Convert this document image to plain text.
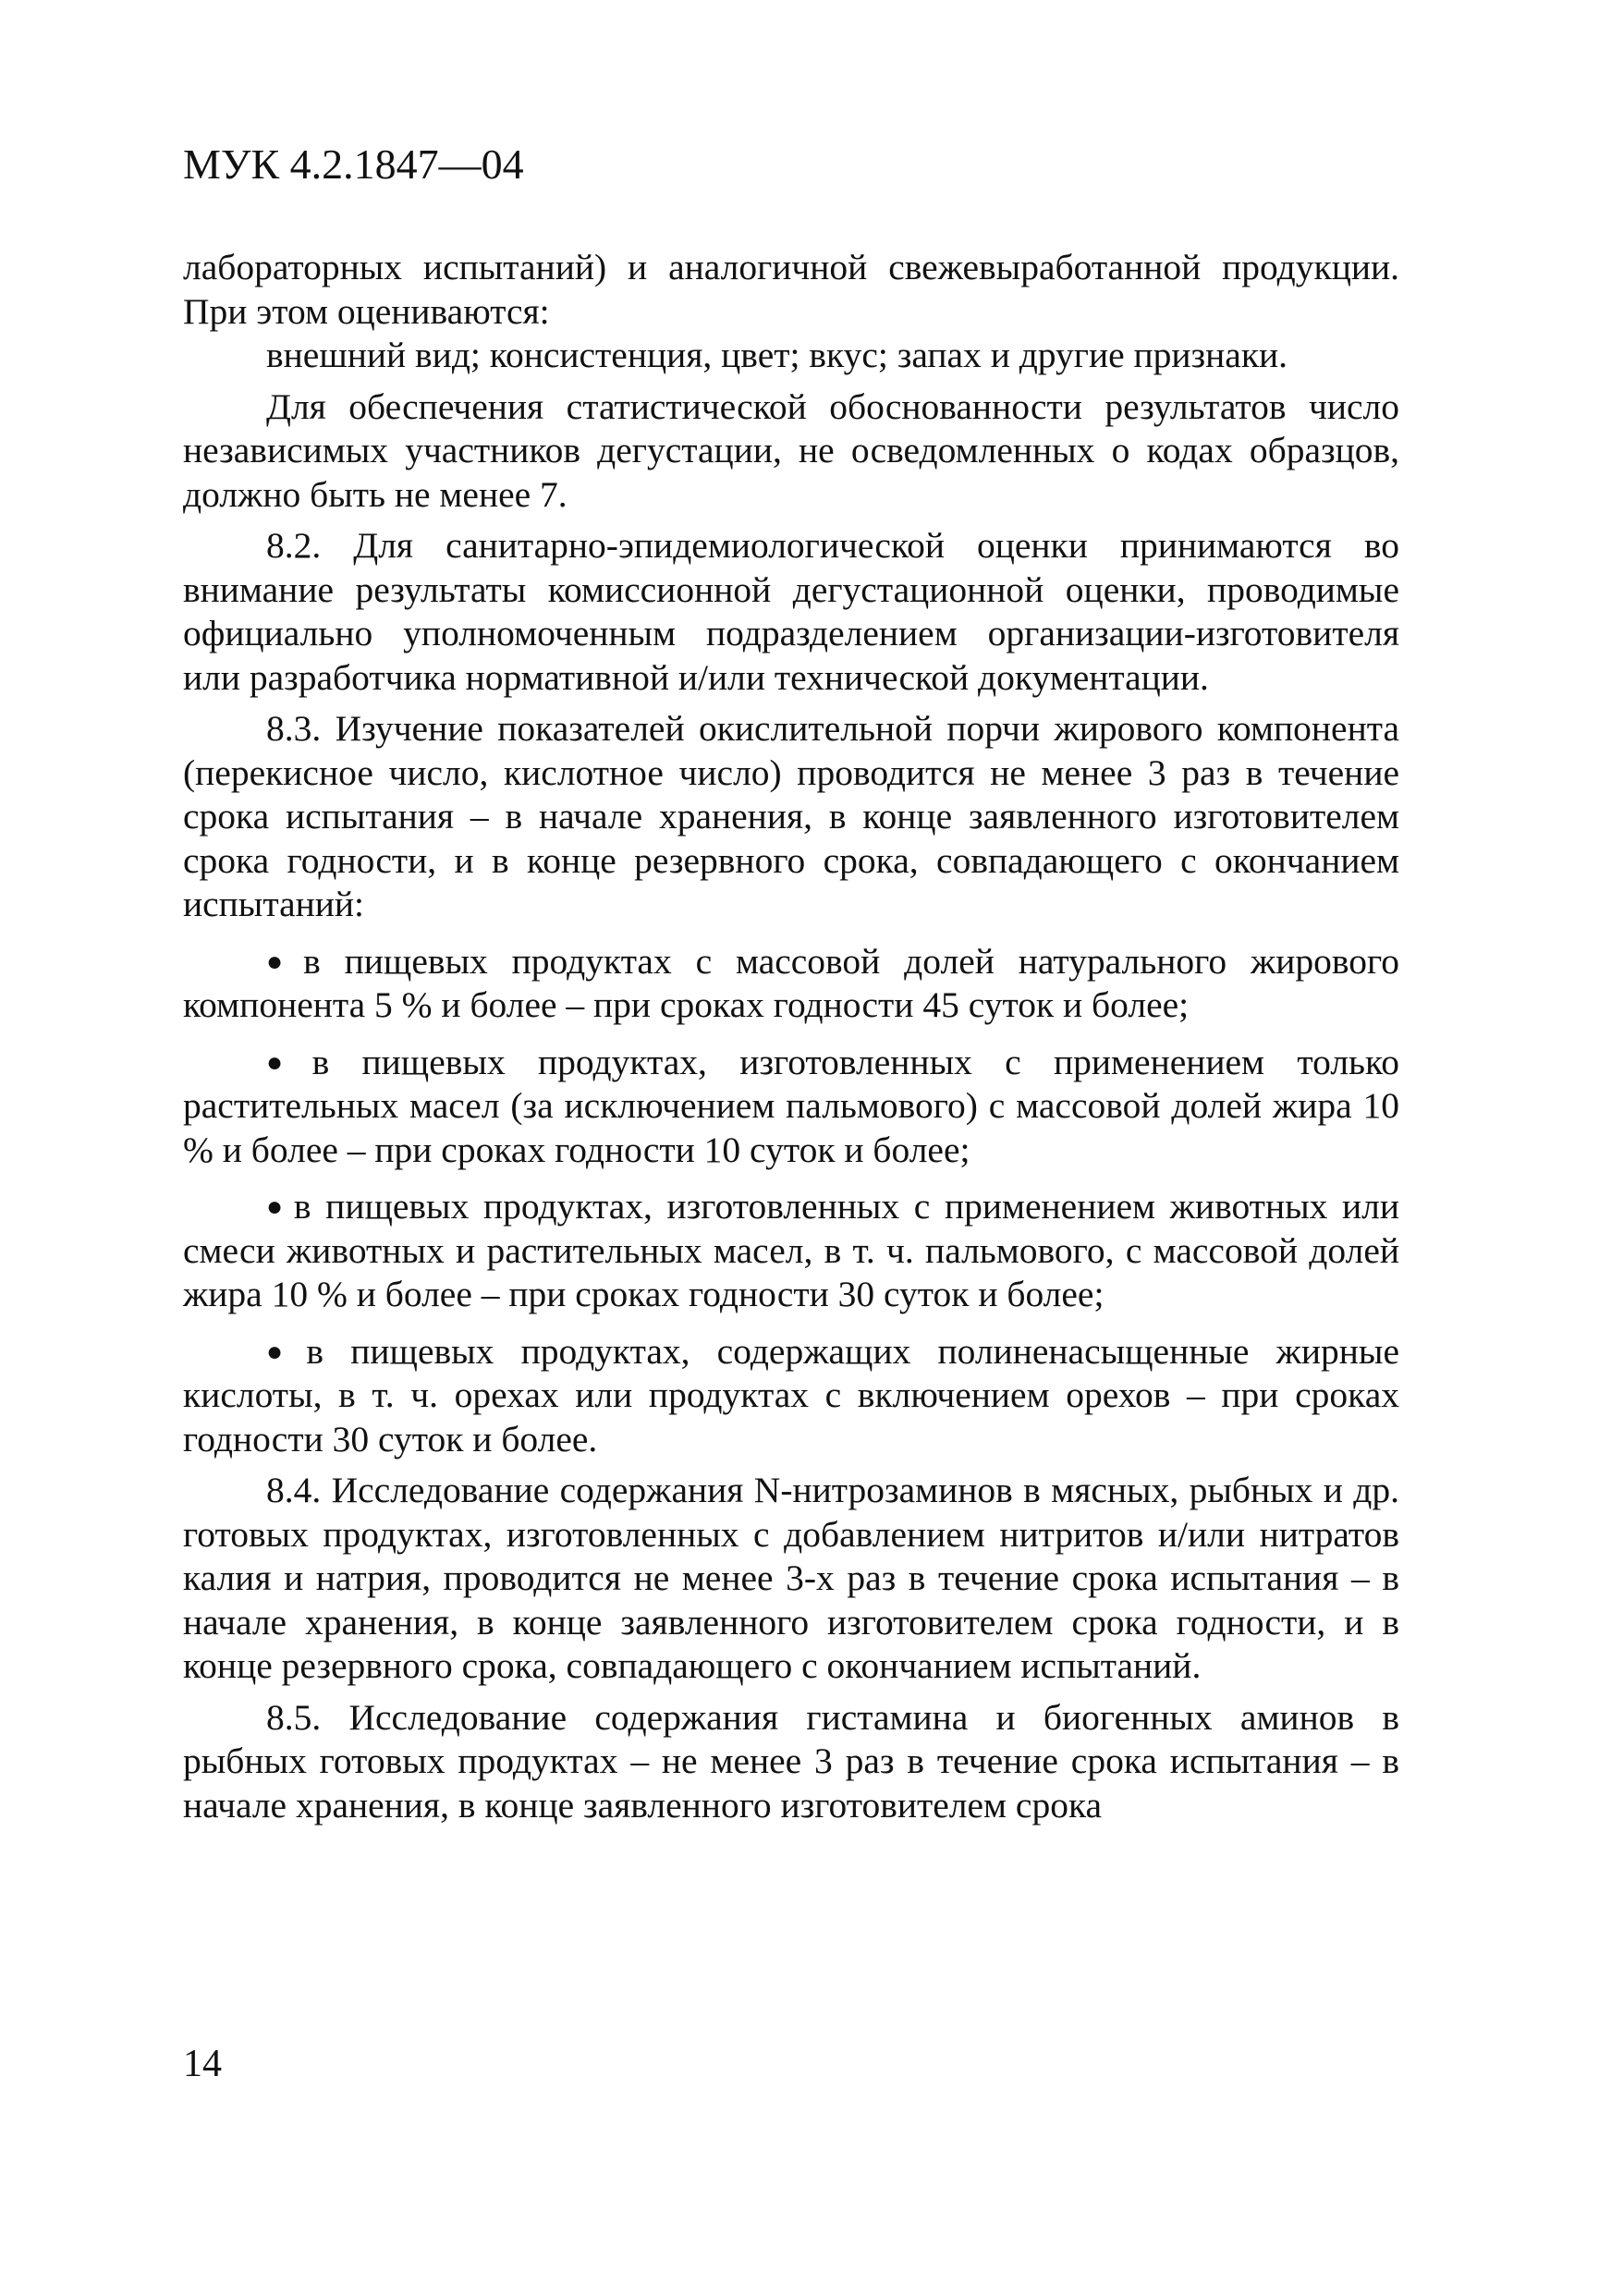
МУК 4.2.1847—04

лабораторных испытаний) и аналогичной свежевыработанной продукции. При этом оцениваются:

внешний вид; консистенция, цвет; вкус; запах и другие признаки.

Для обеспечения статистической обоснованности результатов число независимых участников дегустации, не осведомленных о кодах образцов, должно быть не менее 7.

8.2. Для санитарно-эпидемиологической оценки принимаются во внимание результаты комиссионной дегустационной оценки, проводимые официально уполномоченным подразделением организации-изготовителя или разработчика нормативной и/или технической документации.

8.3. Изучение показателей окислительной порчи жирового компонента (перекисное число, кислотное число) проводится не менее 3 раз в течение срока испытания – в начале хранения, в конце заявленного изготовителем срока годности, и в конце резервного срока, совпадающего с окончанием испытаний:

● в пищевых продуктах с массовой долей натурального жирового компонента 5 % и более – при сроках годности 45 суток и более;

● в пищевых продуктах, изготовленных с применением только растительных масел (за исключением пальмового) с массовой долей жира 10 % и более – при сроках годности 10 суток и более;

● в пищевых продуктах, изготовленных с применением животных или смеси животных и растительных масел, в т. ч. пальмового, с массовой долей жира 10 % и более – при сроках годности 30 суток и более;

● в пищевых продуктах, содержащих полиненасыщенные жирные кислоты, в т. ч. орехах или продуктах с включением орехов – при сроках годности 30 суток и более.

8.4. Исследование содержания N-нитрозаминов в мясных, рыбных и др. готовых продуктах, изготовленных с добавлением нитритов и/или нитратов калия и натрия, проводится не менее 3-х раз в течение срока испытания – в начале хранения, в конце заявленного изготовителем срока годности, и в конце резервного срока, совпадающего с окончанием испытаний.

8.5. Исследование содержания гистамина и биогенных аминов в рыбных готовых продуктах – не менее 3 раз в течение срока испытания – в начале хранения, в конце заявленного изготовителем срока

14
